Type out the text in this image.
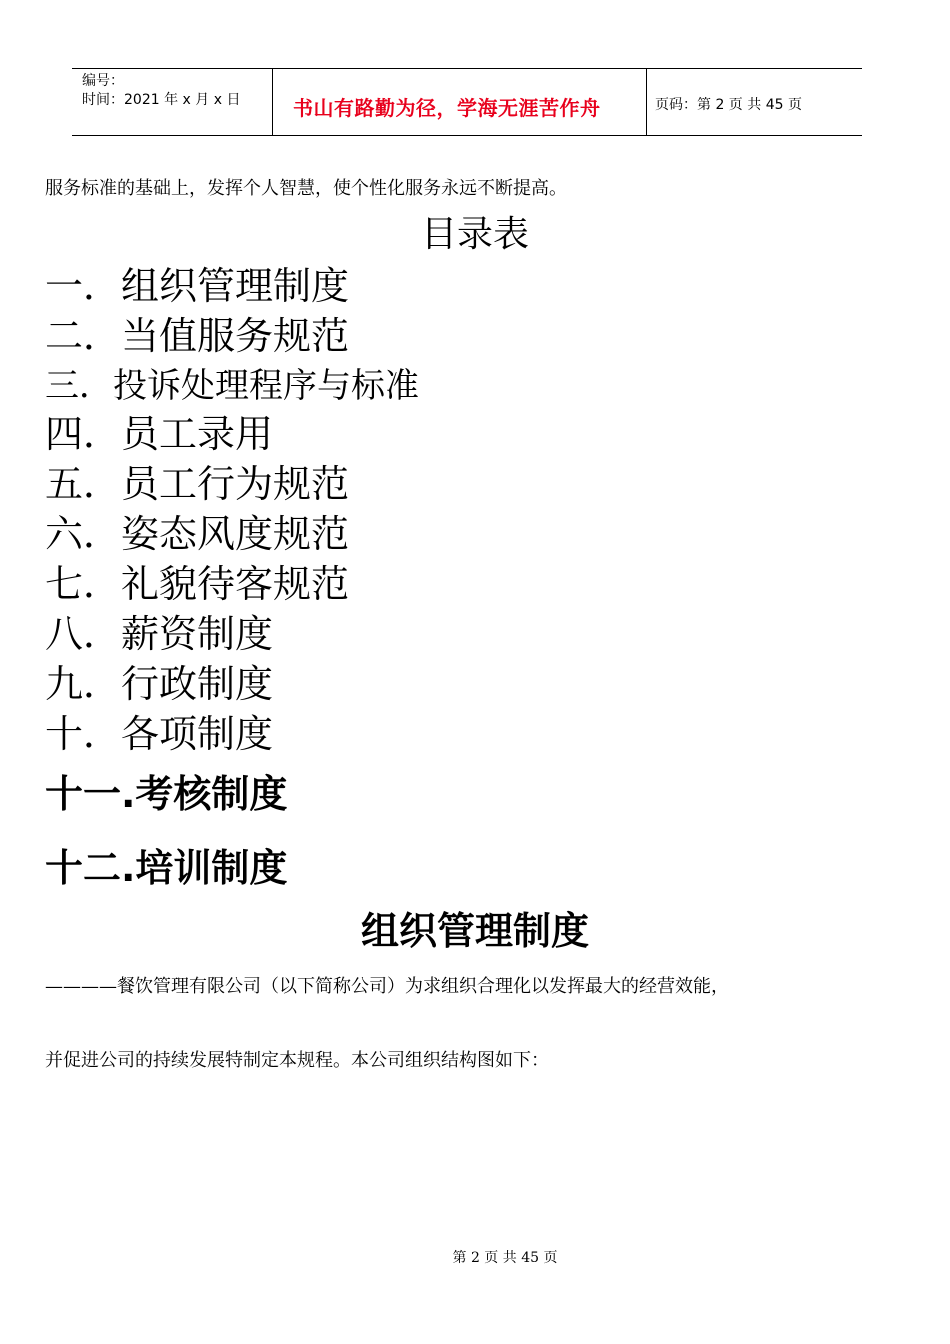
编号：
时间：2021 年 x 月 x 日	书山有路勤为径，学海无涯苦作舟	页码：第 2 页 共 45 页
服务标准的基础上，发挥个人智慧，使个性化服务永远不断提高。
目录表
一．组织管理制度
二．当值服务规范
三．投诉处理程序与标准
四．员工录用
五．员工行为规范
六．姿态风度规范
七．礼貌待客规范
八．薪资制度
九．行政制度
十．各项制度
十一.考核制度
十二.培训制度
组织管理制度
————餐饮管理有限公司（以下简称公司）为求组织合理化以发挥最大的经营效能，
并促进公司的持续发展特制定本规程。本公司组织结构图如下：
第 2 页 共 45 页
